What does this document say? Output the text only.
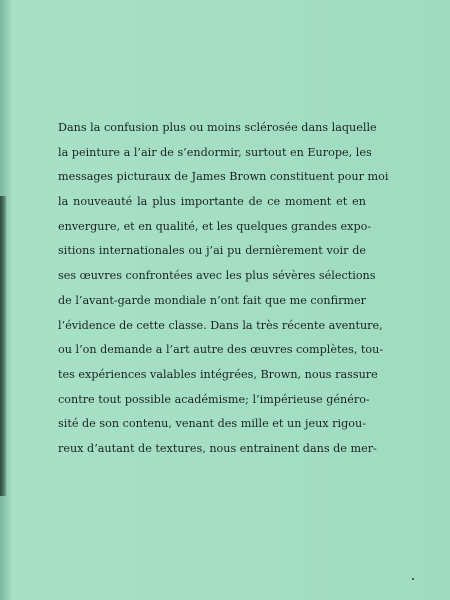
Dans la confusion plus ou moins sclérosée dans laquelle
la peinture a l’air de s’endormir, surtout en Europe, les
messages picturaux de James Brown constituent pour moi
la nouveauté la plus importante de ce moment et en
envergure, et en qualité, et les quelques grandes expo-
sitions internationales ou j’ai pu dernièrement voir de
ses œuvres confrontées avec les plus sévères sélections
de l’avant-garde mondiale n’ont fait que me confirmer
l’évidence de cette classe. Dans la très récente aventure,
ou l’on demande a l’art autre des œuvres complètes, tou-
tes expériences valables intégrées, Brown, nous rassure
contre tout possible académisme; l’impérieuse généro-
sité de son contenu, venant des mille et un jeux rigou-
reux d’autant de textures, nous entrainent dans de mer-
